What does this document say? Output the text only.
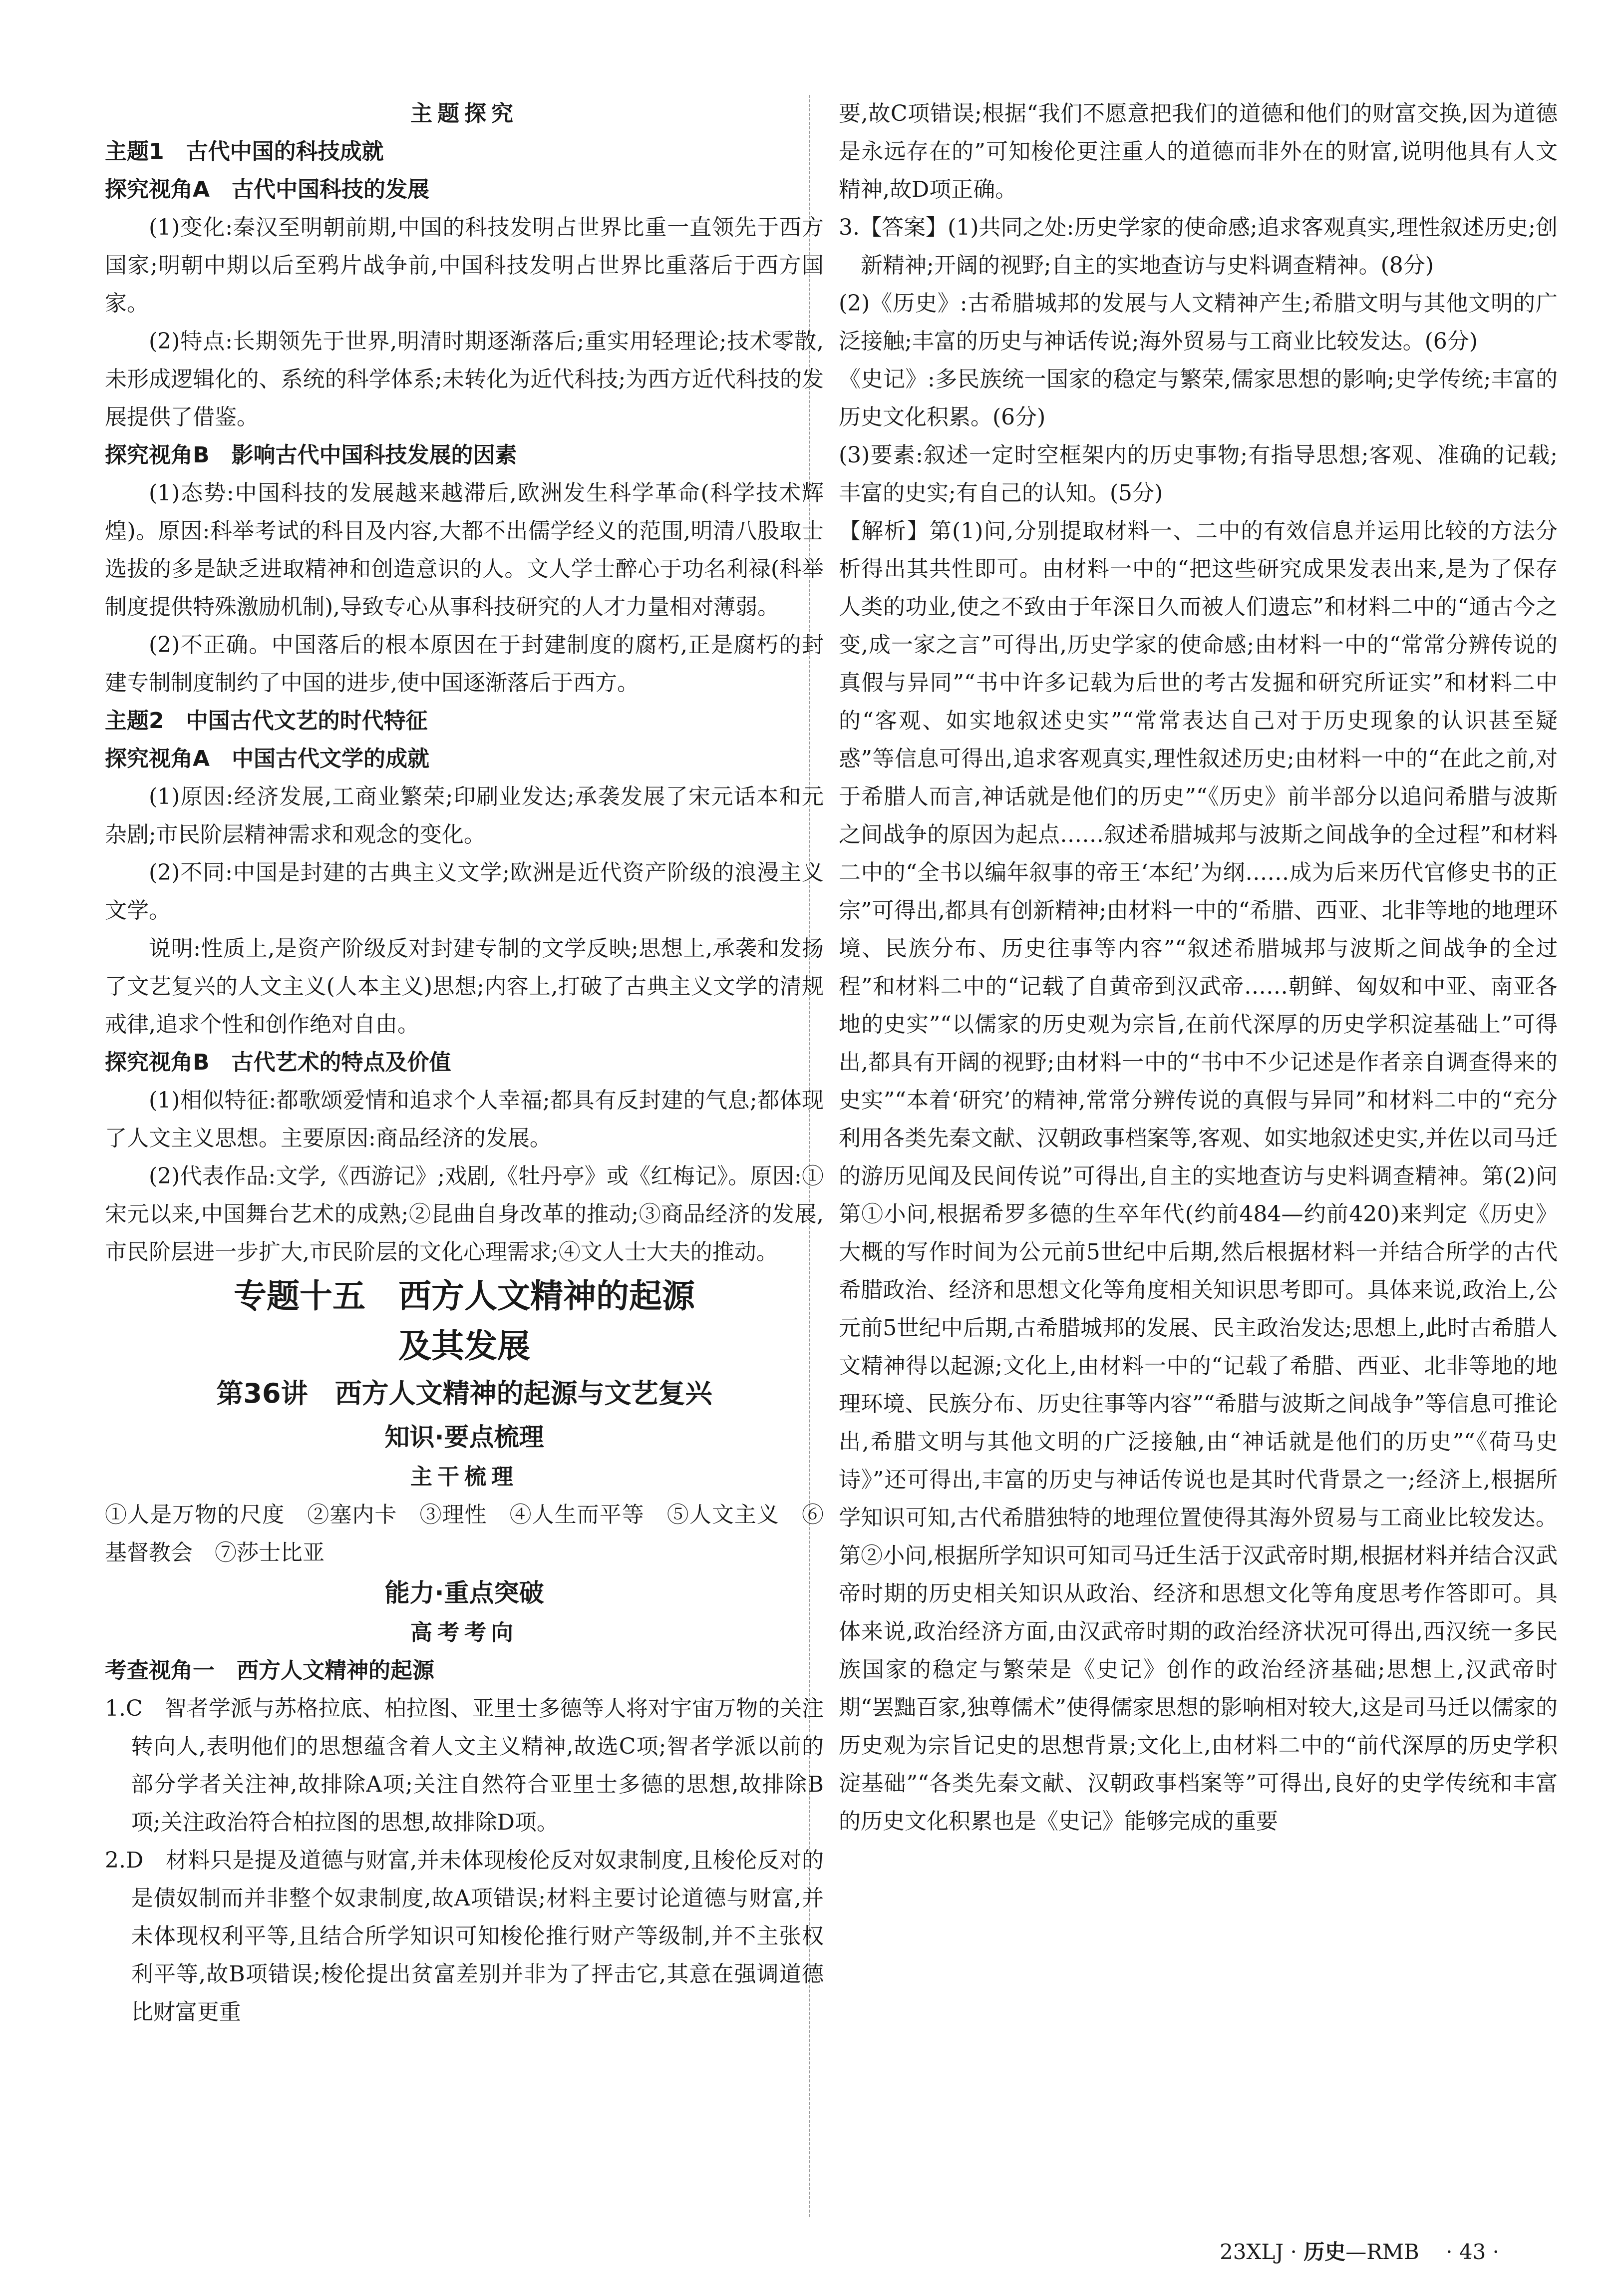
主题探究

主题1　古代中国的科技成就

探究视角A　古代中国科技的发展

(1)变化:秦汉至明朝前期,中国的科技发明占世界比重一直领先于西方国家;明朝中期以后至鸦片战争前,中国科技发明占世界比重落后于西方国家。

(2)特点:长期领先于世界,明清时期逐渐落后;重实用轻理论;技术零散,未形成逻辑化的、系统的科学体系;未转化为近代科技;为西方近代科技的发展提供了借鉴。

探究视角B　影响古代中国科技发展的因素

(1)态势:中国科技的发展越来越滞后,欧洲发生科学革命(科学技术辉煌)。原因:科举考试的科目及内容,大都不出儒学经义的范围,明清八股取士选拔的多是缺乏进取精神和创造意识的人。文人学士醉心于功名利禄(科举制度提供特殊激励机制),导致专心从事科技研究的人才力量相对薄弱。

(2)不正确。中国落后的根本原因在于封建制度的腐朽,正是腐朽的封建专制制度制约了中国的进步,使中国逐渐落后于西方。

主题2　中国古代文艺的时代特征

探究视角A　中国古代文学的成就

(1)原因:经济发展,工商业繁荣;印刷业发达;承袭发展了宋元话本和元杂剧;市民阶层精神需求和观念的变化。

(2)不同:中国是封建的古典主义文学;欧洲是近代资产阶级的浪漫主义文学。

说明:性质上,是资产阶级反对封建专制的文学反映;思想上,承袭和发扬了文艺复兴的人文主义(人本主义)思想;内容上,打破了古典主义文学的清规戒律,追求个性和创作绝对自由。

探究视角B　古代艺术的特点及价值

(1)相似特征:都歌颂爱情和追求个人幸福;都具有反封建的气息;都体现了人文主义思想。主要原因:商品经济的发展。

(2)代表作品:文学,《西游记》;戏剧,《牡丹亭》或《红梅记》。原因:①宋元以来,中国舞台艺术的成熟;②昆曲自身改革的推动;③商品经济的发展,市民阶层进一步扩大,市民阶层的文化心理需求;④文人士大夫的推动。

专题十五　西方人文精神的起源

及其发展

第36讲　西方人文精神的起源与文艺复兴

知识·要点梳理

主干梳理

①人是万物的尺度　②塞内卡　③理性　④人生而平等　⑤人文主义　⑥基督教会　⑦莎士比亚

能力·重点突破

高考考向

考查视角一　西方人文精神的起源

1.C　智者学派与苏格拉底、柏拉图、亚里士多德等人将对宇宙万物的关注转向人,表明他们的思想蕴含着人文主义精神,故选C项;智者学派以前的部分学者关注神,故排除A项;关注自然符合亚里士多德的思想,故排除B项;关注政治符合柏拉图的思想,故排除D项。

2.D　材料只是提及道德与财富,并未体现梭伦反对奴隶制度,且梭伦反对的是债奴制而并非整个奴隶制度,故A项错误;材料主要讨论道德与财富,并未体现权利平等,且结合所学知识可知梭伦推行财产等级制,并不主张权利平等,故B项错误;梭伦提出贫富差别并非为了抨击它,其意在强调道德比财富更重

要,故C项错误;根据“我们不愿意把我们的道德和他们的财富交换,因为道德是永远存在的”可知梭伦更注重人的道德而非外在的财富,说明他具有人文精神,故D项正确。

3.【答案】(1)共同之处:历史学家的使命感;追求客观真实,理性叙述历史;创新精神;开阔的视野;自主的实地查访与史料调查精神。(8分)

(2)《历史》:古希腊城邦的发展与人文精神产生;希腊文明与其他文明的广泛接触;丰富的历史与神话传说;海外贸易与工商业比较发达。(6分)

《史记》:多民族统一国家的稳定与繁荣,儒家思想的影响;史学传统;丰富的历史文化积累。(6分)

(3)要素:叙述一定时空框架内的历史事物;有指导思想;客观、准确的记载;丰富的史实;有自己的认知。(5分)

【解析】第(1)问,分别提取材料一、二中的有效信息并运用比较的方法分析得出其共性即可。由材料一中的“把这些研究成果发表出来,是为了保存人类的功业,使之不致由于年深日久而被人们遗忘”和材料二中的“通古今之变,成一家之言”可得出,历史学家的使命感;由材料一中的“常常分辨传说的真假与异同”“书中许多记载为后世的考古发掘和研究所证实”和材料二中的“客观、如实地叙述史实”“常常表达自己对于历史现象的认识甚至疑惑”等信息可得出,追求客观真实,理性叙述历史;由材料一中的“在此之前,对于希腊人而言,神话就是他们的历史”“《历史》前半部分以追问希腊与波斯之间战争的原因为起点……叙述希腊城邦与波斯之间战争的全过程”和材料二中的“全书以编年叙事的帝王‘本纪’为纲……成为后来历代官修史书的正宗”可得出,都具有创新精神;由材料一中的“希腊、西亚、北非等地的地理环境、民族分布、历史往事等内容”“叙述希腊城邦与波斯之间战争的全过程”和材料二中的“记载了自黄帝到汉武帝……朝鲜、匈奴和中亚、南亚各地的史实”“以儒家的历史观为宗旨,在前代深厚的历史学积淀基础上”可得出,都具有开阔的视野;由材料一中的“书中不少记述是作者亲自调查得来的史实”“本着‘研究’的精神,常常分辨传说的真假与异同”和材料二中的“充分利用各类先秦文献、汉朝政事档案等,客观、如实地叙述史实,并佐以司马迁的游历见闻及民间传说”可得出,自主的实地查访与史料调查精神。第(2)问第①小问,根据希罗多德的生卒年代(约前484—约前420)来判定《历史》大概的写作时间为公元前5世纪中后期,然后根据材料一并结合所学的古代希腊政治、经济和思想文化等角度相关知识思考即可。具体来说,政治上,公元前5世纪中后期,古希腊城邦的发展、民主政治发达;思想上,此时古希腊人文精神得以起源;文化上,由材料一中的“记载了希腊、西亚、北非等地的地理环境、民族分布、历史往事等内容”“希腊与波斯之间战争”等信息可推论出,希腊文明与其他文明的广泛接触,由“神话就是他们的历史”“《荷马史诗》”还可得出,丰富的历史与神话传说也是其时代背景之一;经济上,根据所学知识可知,古代希腊独特的地理位置使得其海外贸易与工商业比较发达。第②小问,根据所学知识可知司马迁生活于汉武帝时期,根据材料并结合汉武帝时期的历史相关知识从政治、经济和思想文化等角度思考作答即可。具体来说,政治经济方面,由汉武帝时期的政治经济状况可得出,西汉统一多民族国家的稳定与繁荣是《史记》创作的政治经济基础;思想上,汉武帝时期“罢黜百家,独尊儒术”使得儒家思想的影响相对较大,这是司马迁以儒家的历史观为宗旨记史的思想背景;文化上,由材料二中的“前代深厚的历史学积淀基础”“各类先秦文献、汉朝政事档案等”可得出,良好的史学传统和丰富的历史文化积累也是《史记》能够完成的重要

23XLJ · 历史—RMB · 43 ·
